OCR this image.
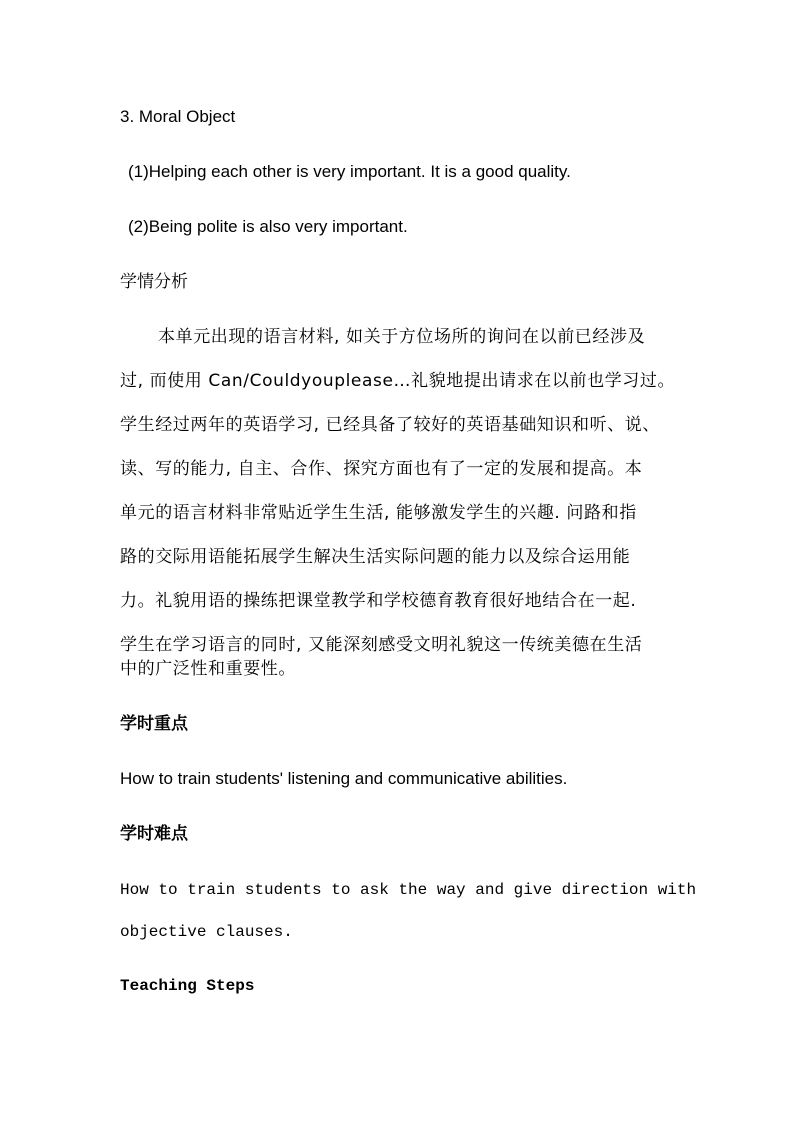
3. Moral Object
(1)Helping each other is very important. It is a good quality.
(2)Being polite is also very important.
学情分析
本单元出现的语言材料, 如关于方位场所的询问在以前已经涉及
过, 而使用 Can/Couldyouplease…礼貌地提出请求在以前也学习过。
学生经过两年的英语学习, 已经具备了较好的英语基础知识和听、说、
读、写的能力, 自主、合作、探究方面也有了一定的发展和提高。本
单元的语言材料非常贴近学生生活, 能够激发学生的兴趣. 问路和指
路的交际用语能拓展学生解决生活实际问题的能力以及综合运用能
力。礼貌用语的操练把课堂教学和学校德育教育很好地结合在一起.
学生在学习语言的同时, 又能深刻感受文明礼貌这一传统美德在生活
中的广泛性和重要性。
学时重点
How to train students' listening and communicative abilities.
学时难点
How to train students to ask the way and give direction with
objective clauses.
Teaching Steps
